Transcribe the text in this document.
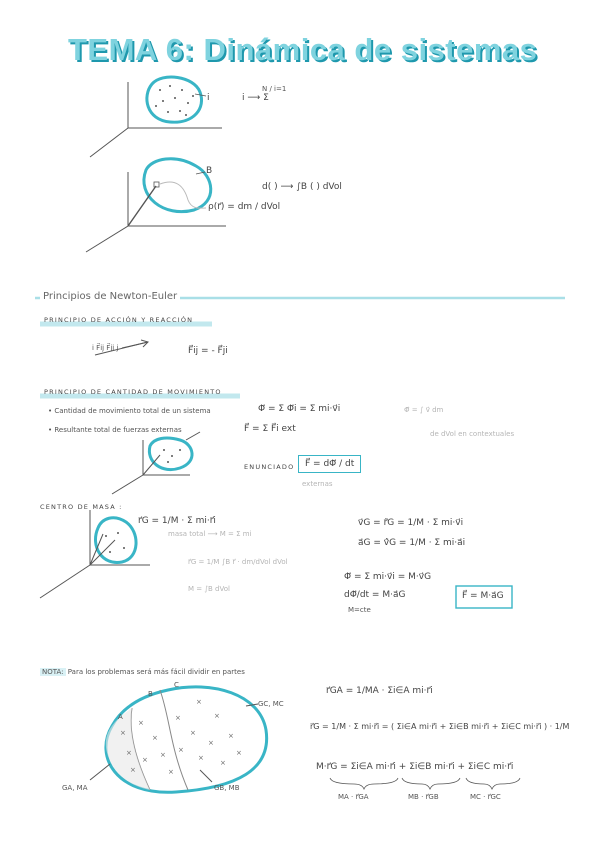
TEMA 6: Dinámica de sistemas
×
×
×
×
×
×
×
×
×
×
×
×
×
×
×
×
×	×
i	i ⟶ Σ
N / i=1
B
ρ(r⃗) = dm / dVol
d( ) ⟶ ∫B ( ) dVol
Principios de Newton-Euler
PRINCIPIO DE ACCIÓN Y REACCIÓN
i F⃗ij F⃗ji j	F⃗ij = - F⃗ji
PRINCIPIO DE CANTIDAD DE MOVIMIENTO
• Cantidad de movimiento total de un sistema	Φ⃗ = Σ Φ⃗i = Σ mi·v⃗i	Φ⃗ = ∫ v⃗ dm
de dVol en contextuales
• Resultante total de fuerzas externas	F⃗ = Σ F⃗i ext
ENUNCIADO : F⃗ = dΦ⃗ / dt
externas
CENTRO DE MASA :
r⃗G = 1/M · Σ mi·r⃗i
masa total ⟶ M = Σ mi
r⃗G = 1/M ∫B r⃗ · dm/dVol dVol
M = ∫B dVol
v⃗G = r⃗̇G = 1/M · Σ mi·v⃗i
a⃗G = v⃗̇G = 1/M · Σ mi·a⃗i
Φ⃗ = Σ mi·v⃗i = M·v⃗G
dΦ⃗/dt = M·a⃗G
M=cte
F⃗ = M·a⃗G
NOTA: Para los problemas será más fácil dividir en partes
A
B
C
GC, MC
GA, MA	GB, MB
r⃗GA = 1/MA · Σi∈A mi·r⃗i
r⃗G = 1/M · Σ mi·r⃗i = ( Σi∈A mi·r⃗i + Σi∈B mi·r⃗i + Σi∈C mi·r⃗i ) · 1/M
M·r⃗G = Σi∈A mi·r⃗i + Σi∈B mi·r⃗i + Σi∈C mi·r⃗i
MA · r⃗GA	MB · r⃗GB	MC · r⃗GC
